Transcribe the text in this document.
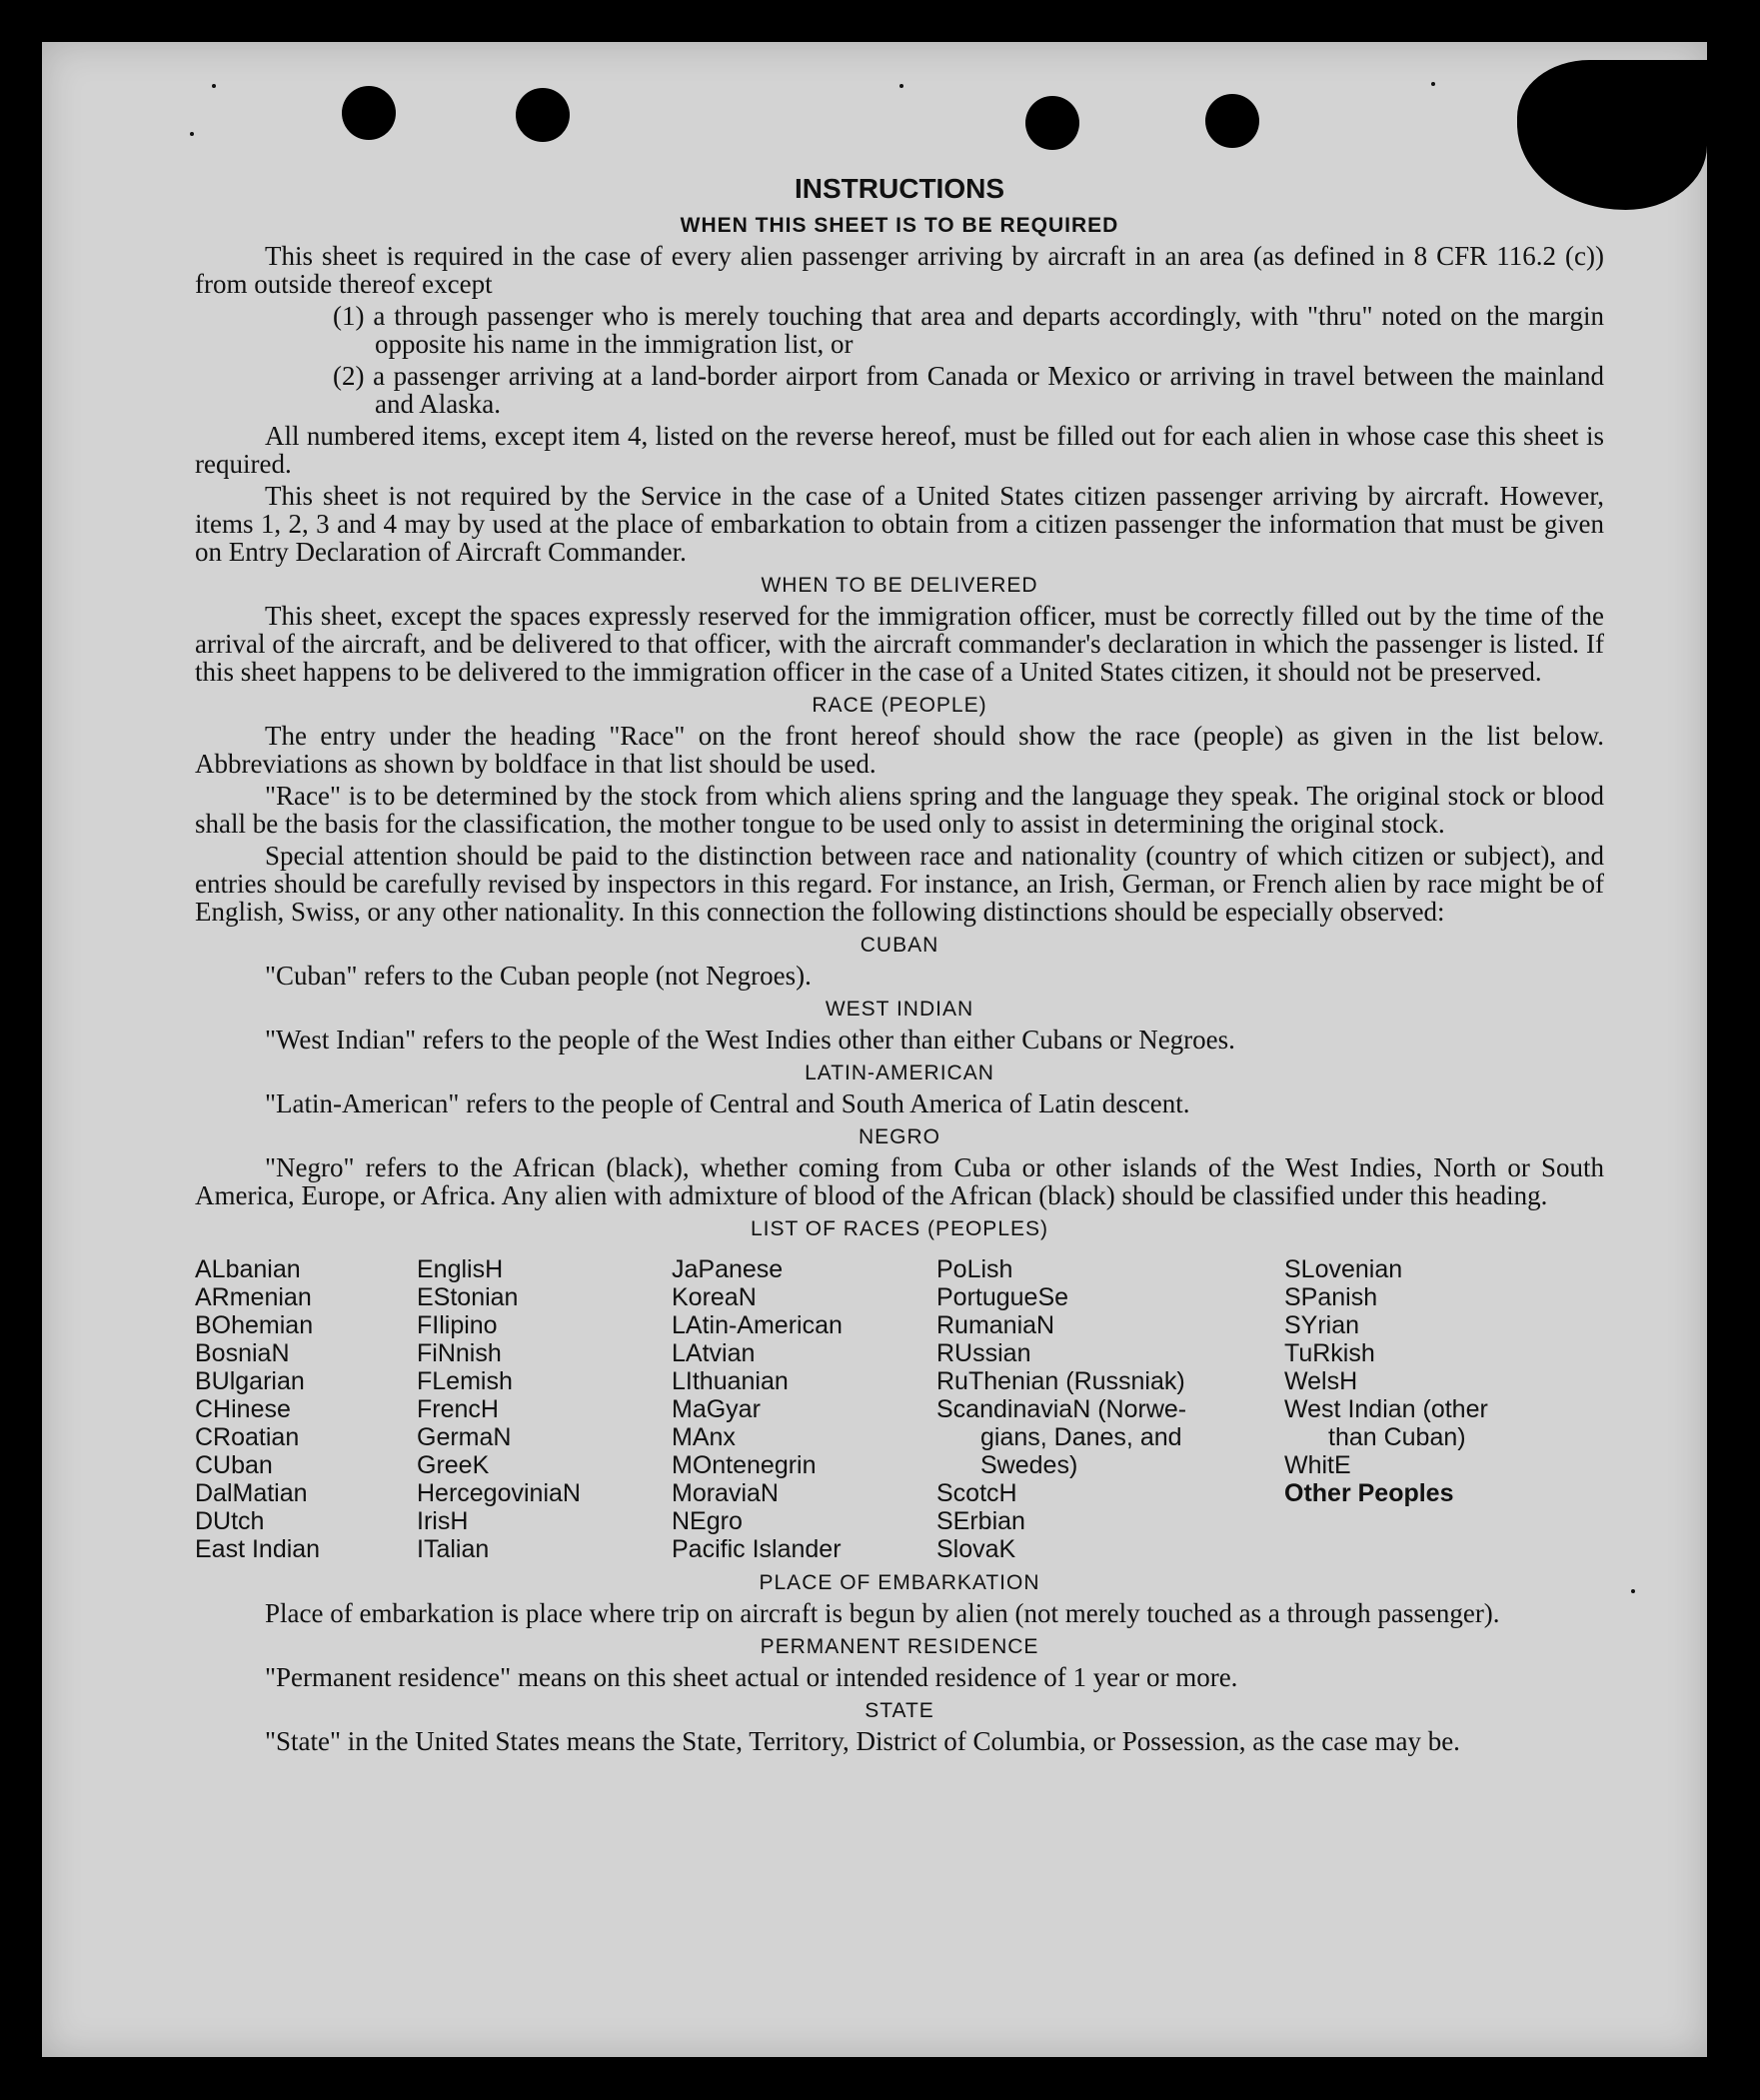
INSTRUCTIONS
WHEN THIS SHEET IS TO BE REQUIRED

This sheet is required in the case of every alien passenger arriving by aircraft in an area (as defined in 8 CFR 116.2 (c)) from outside thereof except

(1) a through passenger who is merely touching that area and departs accordingly, with "thru" noted on the margin opposite his name in the immigration list, or
(2) a passenger arriving at a land-border airport from Canada or Mexico or arriving in travel between the mainland and Alaska.

All numbered items, except item 4, listed on the reverse hereof, must be filled out for each alien in whose case this sheet is required.

This sheet is not required by the Service in the case of a United States citizen passenger arriving by aircraft. However, items 1, 2, 3 and 4 may by used at the place of embarkation to obtain from a citizen passenger the information that must be given on Entry Declaration of Aircraft Commander.

WHEN TO BE DELIVERED

This sheet, except the spaces expressly reserved for the immigration officer, must be correctly filled out by the time of the arrival of the aircraft, and be delivered to that officer, with the aircraft commander's declaration in which the passenger is listed. If this sheet happens to be delivered to the immigration officer in the case of a United States citizen, it should not be preserved.

RACE (PEOPLE)

The entry under the heading "Race" on the front hereof should show the race (people) as given in the list below. Abbreviations as shown by boldface in that list should be used.

"Race" is to be determined by the stock from which aliens spring and the language they speak. The original stock or blood shall be the basis for the classification, the mother tongue to be used only to assist in determining the original stock.

Special attention should be paid to the distinction between race and nationality (country of which citizen or subject), and entries should be carefully revised by inspectors in this regard. For instance, an Irish, German, or French alien by race might be of English, Swiss, or any other nationality. In this connection the following distinctions should be especially observed:

CUBAN

"Cuban" refers to the Cuban people (not Negroes).

WEST INDIAN

"West Indian" refers to the people of the West Indies other than either Cubans or Negroes.

LATIN-AMERICAN

"Latin-American" refers to the people of Central and South America of Latin descent.

NEGRO

"Negro" refers to the African (black), whether coming from Cuba or other islands of the West Indies, North or South America, Europe, or Africa. Any alien with admixture of blood of the African (black) should be classified under this heading.

LIST OF RACES (PEOPLES)
ALbanian
ARmenian
BOhemian
BosniaN
BUlgarian
CHinese
CRoatian
CUban
DalMatian
DUtch
East Indian
EnglisH
EStonian
FIlipino
FiNnish
FLemish
FrencH
GermaN
GreeK
HercegoviniaN
IrisH
ITalian
JaPanese
KoreaN
LAtin-American
LAtvian
LIthuanian
MaGyar
MAnx
MOntenegrin
MoraviaN
NEgro
Pacific Islander
PoLish
PortugueSe
RumaniaN
RUssian
RuThenian (Russniak)
ScandinaviaN (Norwe-
gians, Danes, and
Swedes)
ScotcH
SErbian
SlovaK
SLovenian
SPanish
SYrian
TuRkish
WelsH
West Indian (other
than Cuban)
WhitE
Other Peoples
PLACE OF EMBARKATION

Place of embarkation is place where trip on aircraft is begun by alien (not merely touched as a through passenger).

PERMANENT RESIDENCE

"Permanent residence" means on this sheet actual or intended residence of 1 year or more.

STATE

"State" in the United States means the State, Territory, District of Columbia, or Possession, as the case may be.
